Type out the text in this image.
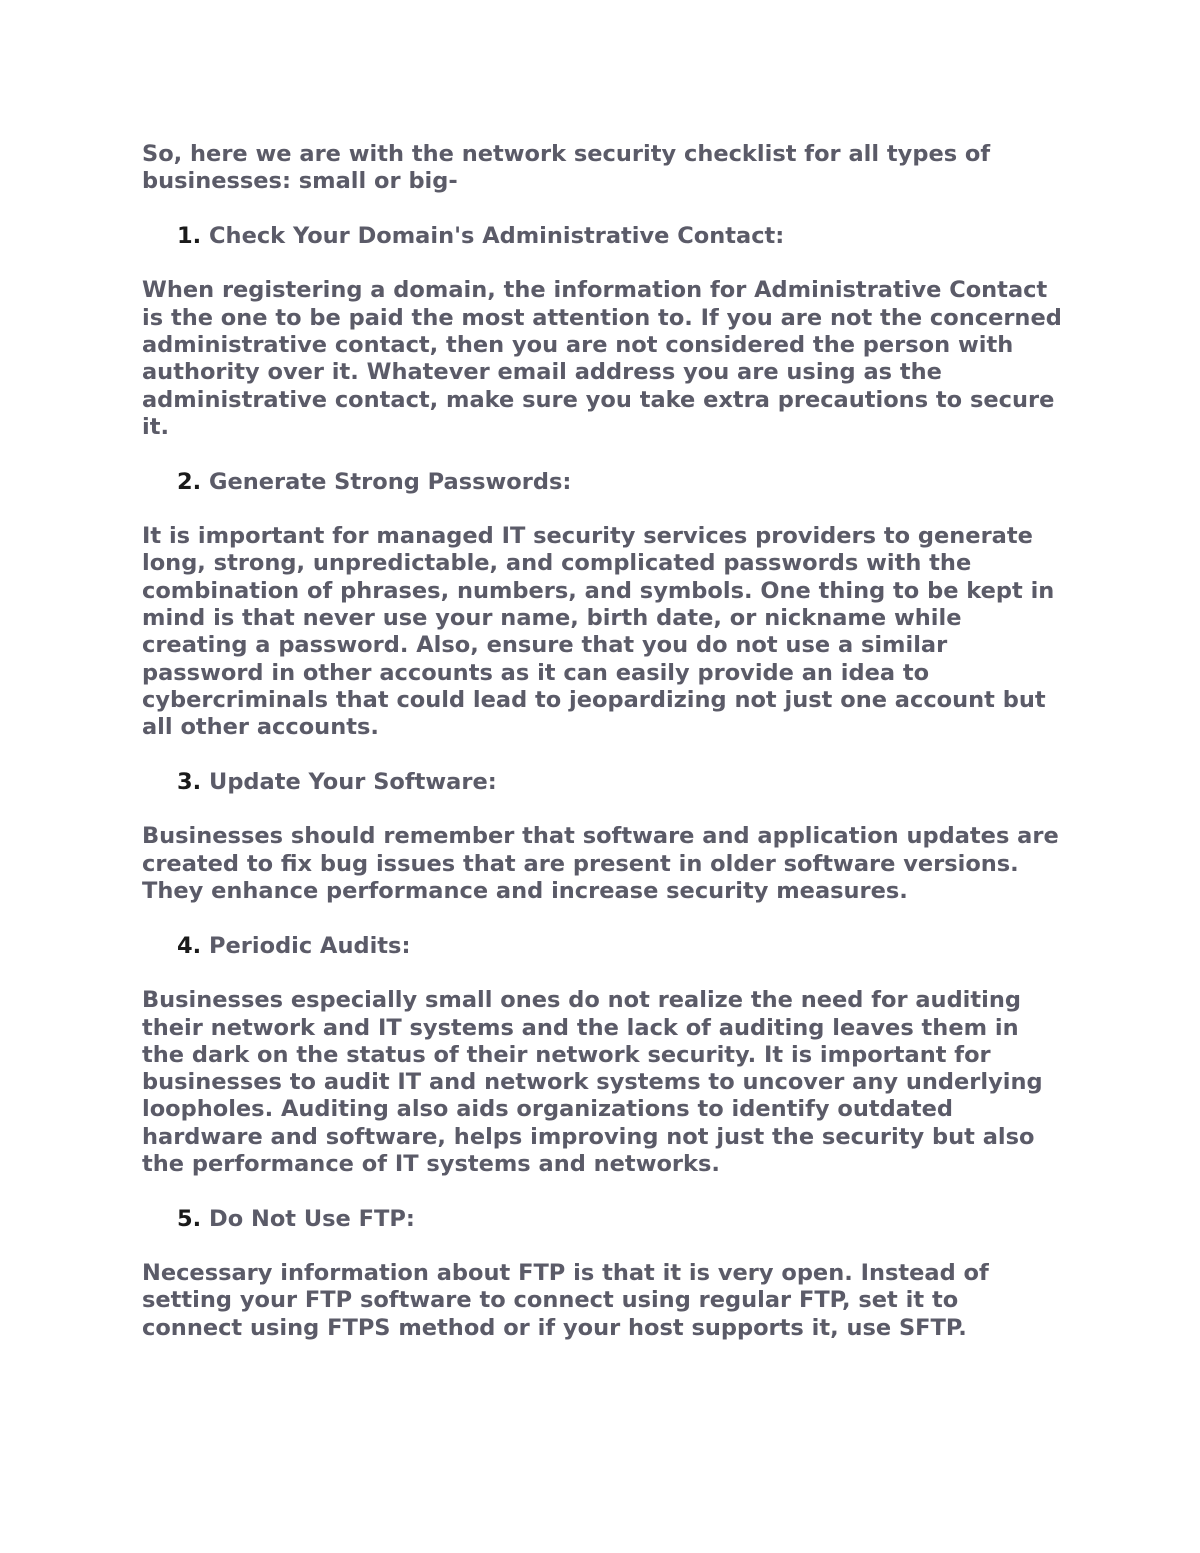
So, here we are with the network security checklist for all types of businesses: small or big-

1. Check Your Domain's Administrative Contact:

When registering a domain, the information for Administrative Contact is the one to be paid the most attention to. If you are not the concerned administrative contact, then you are not considered the person with authority over it. Whatever email address you are using as the administrative contact, make sure you take extra precautions to secure it.

2. Generate Strong Passwords:

It is important for managed IT security services providers to generate long, strong, unpredictable, and complicated passwords with the combination of phrases, numbers, and symbols. One thing to be kept in mind is that never use your name, birth date, or nickname while creating a password. Also, ensure that you do not use a similar password in other accounts as it can easily provide an idea to cybercriminals that could lead to jeopardizing not just one account but all other accounts.

3. Update Your Software:

Businesses should remember that software and application updates are created to fix bug issues that are present in older software versions. They enhance performance and increase security measures.

4. Periodic Audits:

Businesses especially small ones do not realize the need for auditing their network and IT systems and the lack of auditing leaves them in the dark on the status of their network security. It is important for businesses to audit IT and network systems to uncover any underlying loopholes. Auditing also aids organizations to identify outdated hardware and software, helps improving not just the security but also the performance of IT systems and networks.

5. Do Not Use FTP:

Necessary information about FTP is that it is very open. Instead of setting your FTP software to connect using regular FTP, set it to connect using FTPS method or if your host supports it, use SFTP.
